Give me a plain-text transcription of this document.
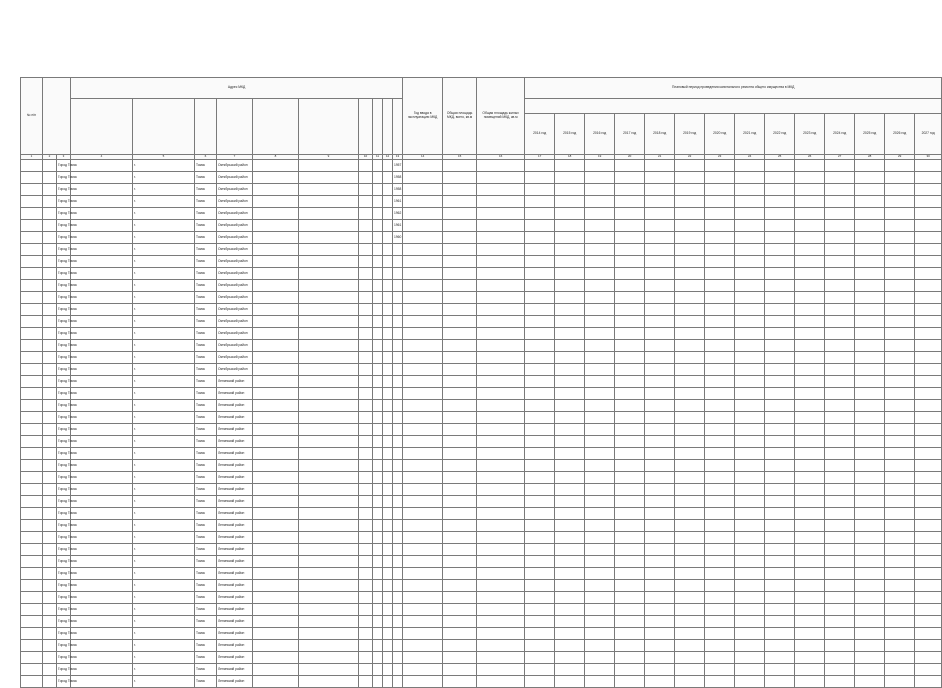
№ п/п			Адрес МКД										Год ввода в эксплуатацию МКД	Общая площадь МКД, всего, кв.м	Общая площадь жилых помещений МКД, кв.м	Плановый период проведения капитального ремонта общего имущества в МКД													

																2014 год	2015 год	2016 год	2017 год	2018 год	2019 год	2020 год	2021 год	2022 год	2023 год	2024 год	2025 год	2026 год	2027 год
1	2	3	4	5	6	7	8	9	10	11	12	13	14	15	16	17	18	19	20	21	22	23	24	25	26	27	28	29	30
		Город Томск		г.	Томск	Октябрьский район						1957																	
		Город Томск		г.	Томск	Октябрьский район						1958																	
		Город Томск		г.	Томск	Октябрьский район						1958																	
		Город Томск		г.	Томск	Октябрьский район						1961																	
		Город Томск		г.	Томск	Октябрьский район						1962																	
		Город Томск		г.	Томск	Октябрьский район						1961																	
		Город Томск		г.	Томск	Октябрьский район						1960																	
		Город Томск		г.	Томск	Октябрьский район																							
		Город Томск		г.	Томск	Октябрьский район																							
		Город Томск		г.	Томск	Октябрьский район																							
		Город Томск		г.	Томск	Октябрьский район																							
		Город Томск		г.	Томск	Октябрьский район																							
		Город Томск		г.	Томск	Октябрьский район																							
		Город Томск		г.	Томск	Октябрьский район																							
		Город Томск		г.	Томск	Октябрьский район																							
		Город Томск		г.	Томск	Октябрьский район																							
		Город Томск		г.	Томск	Октябрьский район																							
		Город Томск		г.	Томск	Октябрьский район																							
		Город Томск		г.	Томск	Ленинский район																							
		Город Томск		г.	Томск	Ленинский район																							
		Город Томск		г.	Томск	Ленинский район																							
		Город Томск		г.	Томск	Ленинский район																							
		Город Томск		г.	Томск	Ленинский район																							
		Город Томск		г.	Томск	Ленинский район																							
		Город Томск		г.	Томск	Ленинский район																							
		Город Томск		г.	Томск	Ленинский район																							
		Город Томск		г.	Томск	Ленинский район																							
		Город Томск		г.	Томск	Ленинский район																							
		Город Томск		г.	Томск	Ленинский район																							
		Город Томск		г.	Томск	Ленинский район																							
		Город Томск		г.	Томск	Ленинский район																							
		Город Томск		г.	Томск	Ленинский район																							
		Город Томск		г.	Томск	Ленинский район																							
		Город Томск		г.	Томск	Ленинский район																							
		Город Томск		г.	Томск	Ленинский район																							
		Город Томск		г.	Томск	Ленинский район																							
		Город Томск		г.	Томск	Ленинский район																							
		Город Томск		г.	Томск	Ленинский район																							
		Город Томск		г.	Томск	Ленинский район																							
		Город Томск		г.	Томск	Ленинский район																							
		Город Томск		г.	Томск	Ленинский район																							
		Город Томск		г.	Томск	Ленинский район																							
		Город Томск		г.	Томск	Ленинский район																							
		Город Томск		г.	Томск	Ленинский район																							
